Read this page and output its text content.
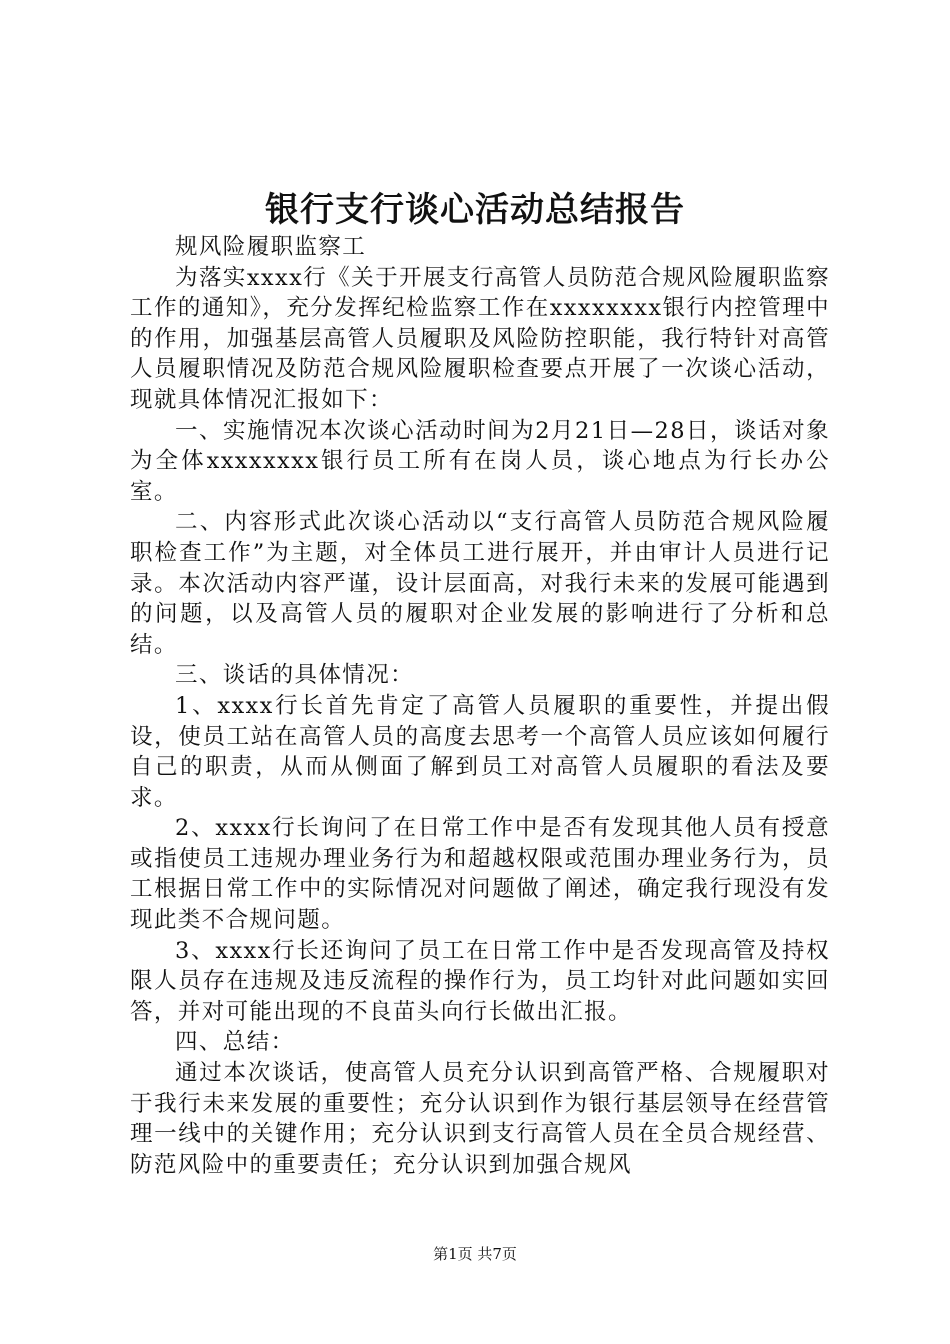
银行支行谈心活动总结报告

规风险履职监察工

为落实xxxx行《关于开展支行高管人员防范合规风险履职监察工作的通知》，充分发挥纪检监察工作在xxxxxxxx银行内控管理中的作用，加强基层高管人员履职及风险防控职能，我行特针对高管人员履职情况及防范合规风险履职检查要点开展了一次谈心活动，现就具体情况汇报如下：

一、实施情况本次谈心活动时间为2月21日—28日，谈话对象为全体xxxxxxxx银行员工所有在岗人员，谈心地点为行长办公室。

二、内容形式此次谈心活动以“支行高管人员防范合规风险履职检查工作”为主题，对全体员工进行展开，并由审计人员进行记录。本次活动内容严谨，设计层面高，对我行未来的发展可能遇到的问题，以及高管人员的履职对企业发展的影响进行了分析和总结。

三、谈话的具体情况：

1、xxxx行长首先肯定了高管人员履职的重要性，并提出假设，使员工站在高管人员的高度去思考一个高管人员应该如何履行自己的职责，从而从侧面了解到员工对高管人员履职的看法及要求。

2、xxxx行长询问了在日常工作中是否有发现其他人员有授意或指使员工违规办理业务行为和超越权限或范围办理业务行为，员工根据日常工作中的实际情况对问题做了阐述，确定我行现没有发现此类不合规问题。

3、xxxx行长还询问了员工在日常工作中是否发现高管及持权限人员存在违规及违反流程的操作行为，员工均针对此问题如实回答，并对可能出现的不良苗头向行长做出汇报。

四、总结：

通过本次谈话，使高管人员充分认识到高管严格、合规履职对于我行未来发展的重要性；充分认识到作为银行基层领导在经营管理一线中的关键作用；充分认识到支行高管人员在全员合规经营、防范风险中的重要责任；充分认识到加强合规风

第1页 共7页
